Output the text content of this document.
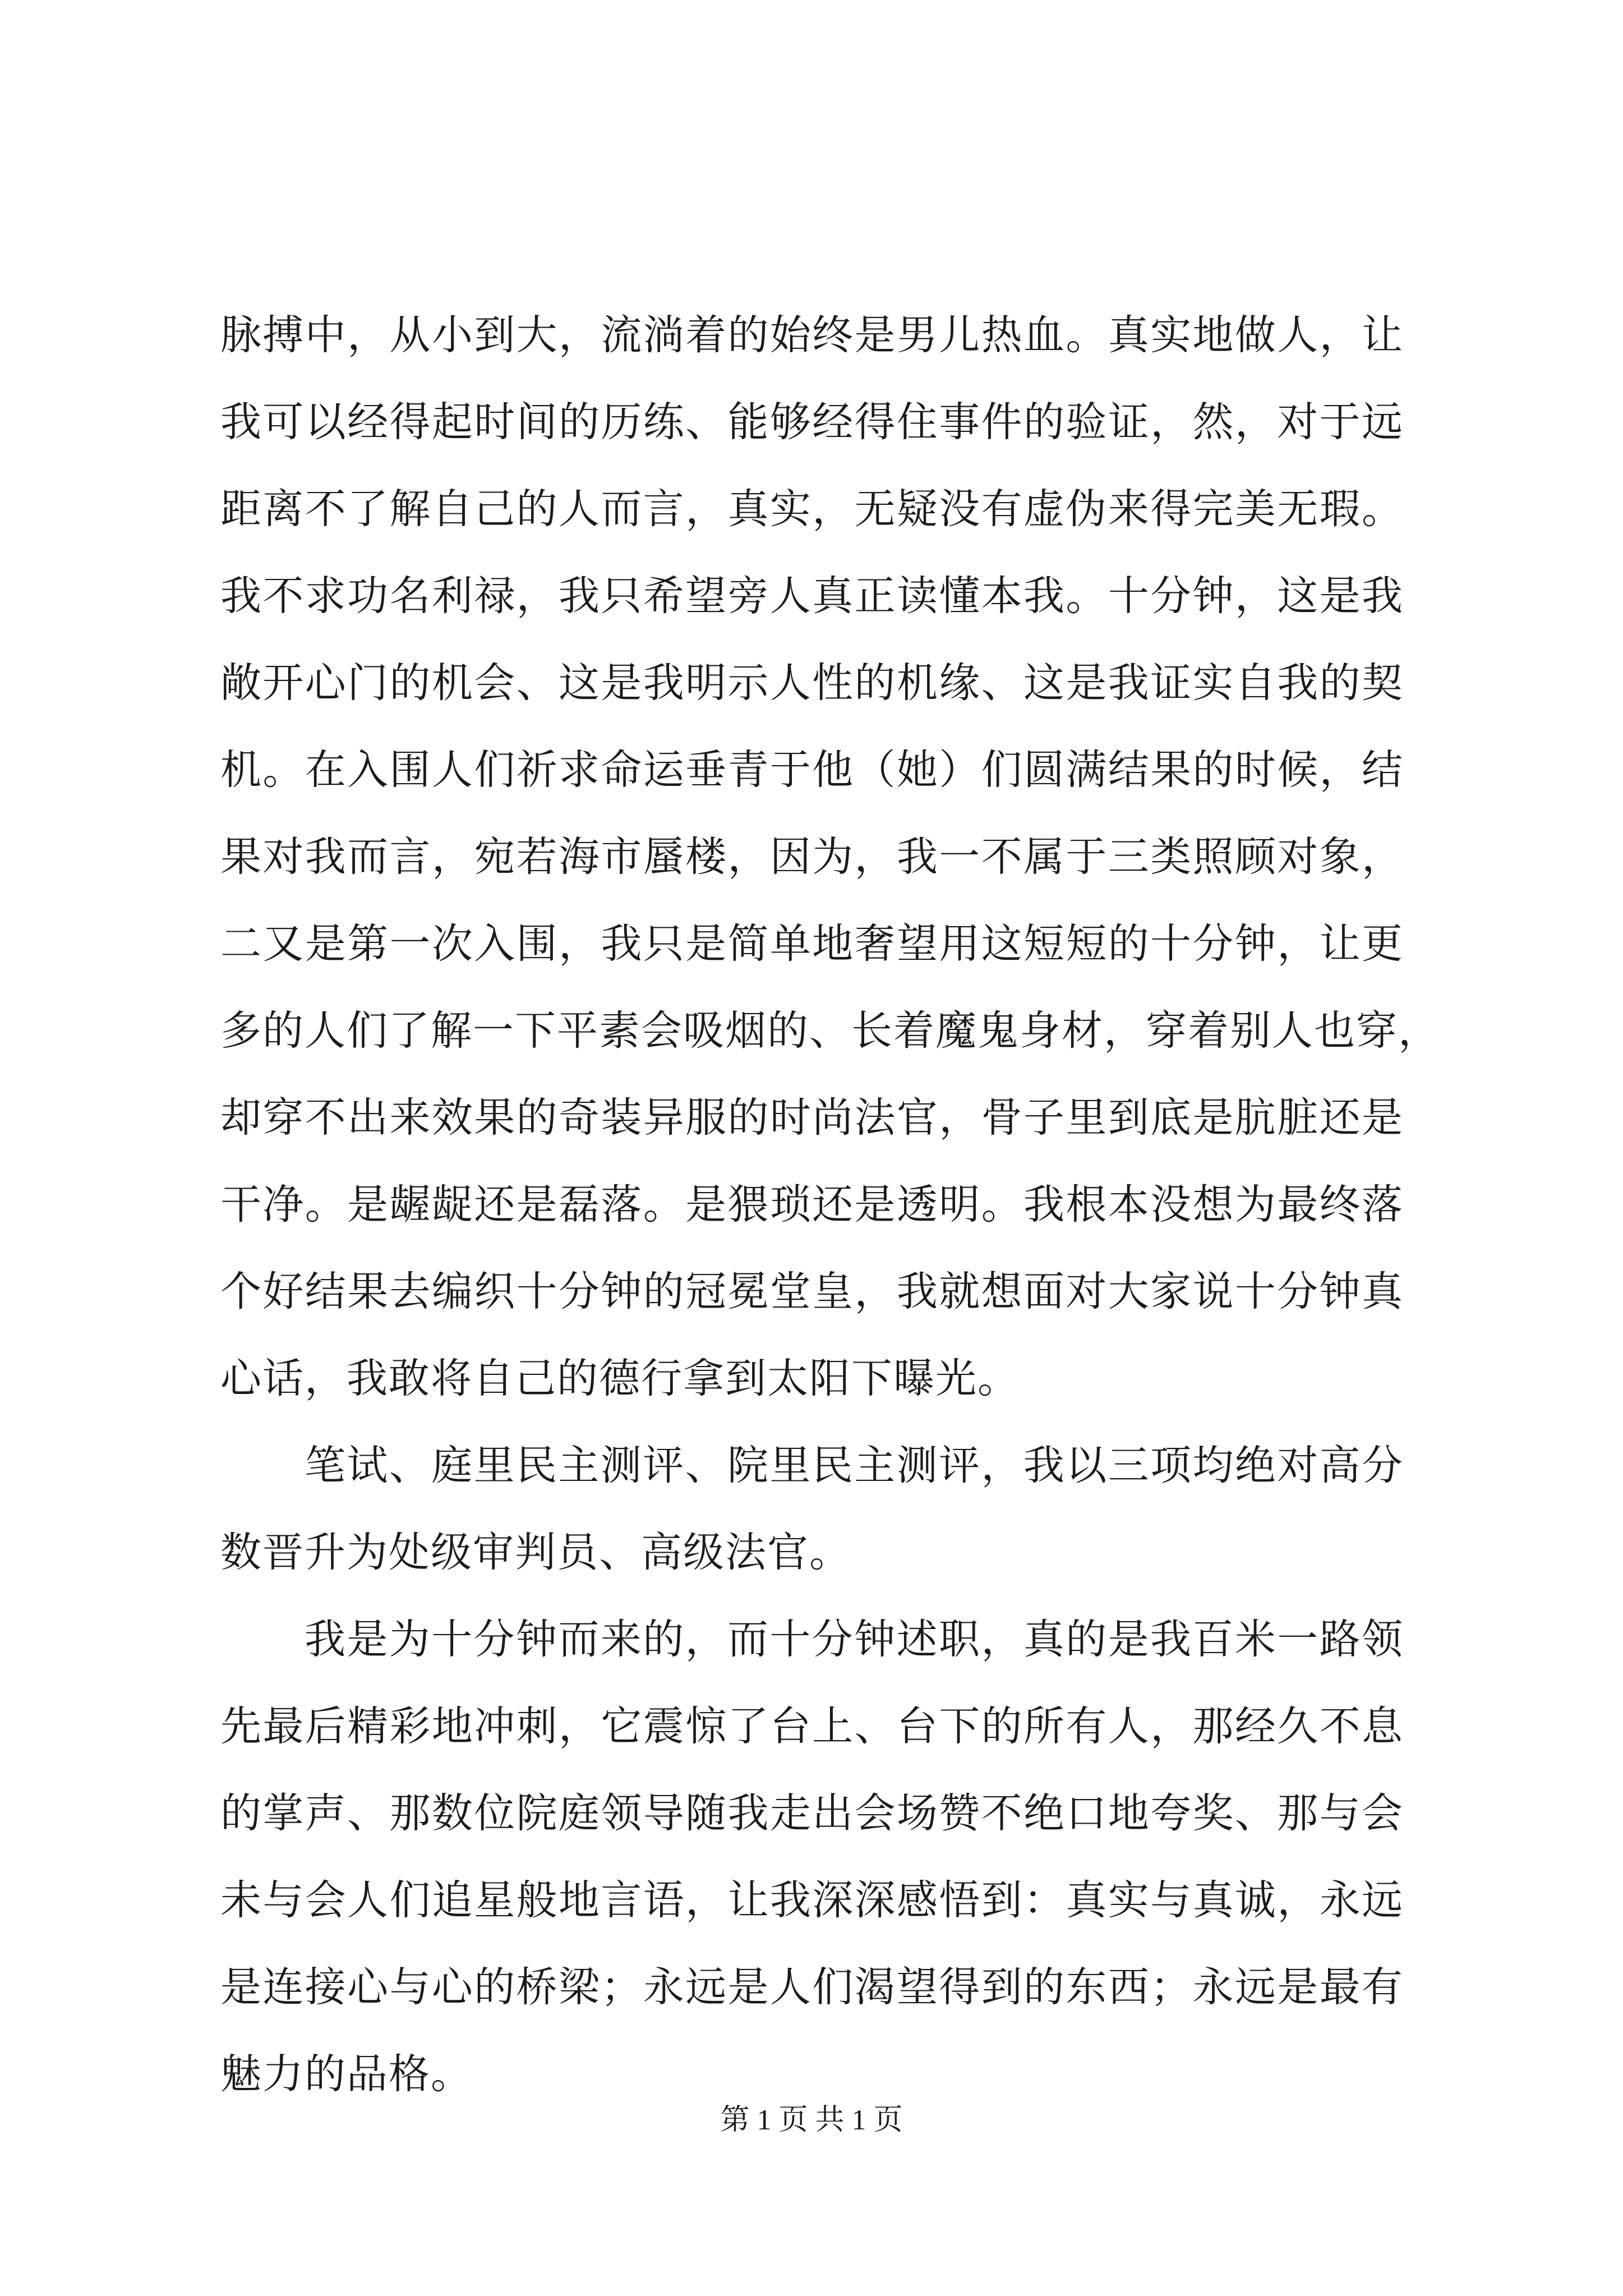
脉搏中，从小到大，流淌着的始终是男儿热血。真实地做人，让
我可以经得起时间的历练、能够经得住事件的验证，然，对于远
距离不了解自己的人而言，真实，无疑没有虚伪来得完美无瑕。
我不求功名利禄，我只希望旁人真正读懂本我。十分钟，这是我
敞开心门的机会、这是我明示人性的机缘、这是我证实自我的契
机。在入围人们祈求命运垂青于他（她）们圆满结果的时候，结
果对我而言，宛若海市蜃楼，因为，我一不属于三类照顾对象，
二又是第一次入围，我只是简单地奢望用这短短的十分钟，让更
多的人们了解一下平素会吸烟的、长着魔鬼身材，穿着别人也穿，
却穿不出来效果的奇装异服的时尚法官，骨子里到底是肮脏还是
干净。是龌龊还是磊落。是猥琐还是透明。我根本没想为最终落
个好结果去编织十分钟的冠冕堂皇，我就想面对大家说十分钟真
心话，我敢将自己的德行拿到太阳下曝光。
笔试、庭里民主测评、院里民主测评，我以三项均绝对高分
数晋升为处级审判员、高级法官。
我是为十分钟而来的，而十分钟述职，真的是我百米一路领
先最后精彩地冲刺，它震惊了台上、台下的所有人，那经久不息
的掌声、那数位院庭领导随我走出会场赞不绝口地夸奖、那与会
未与会人们追星般地言语，让我深深感悟到：真实与真诚，永远
是连接心与心的桥梁；永远是人们渴望得到的东西；永远是最有
魅力的品格。
第 1 页 共 1 页
